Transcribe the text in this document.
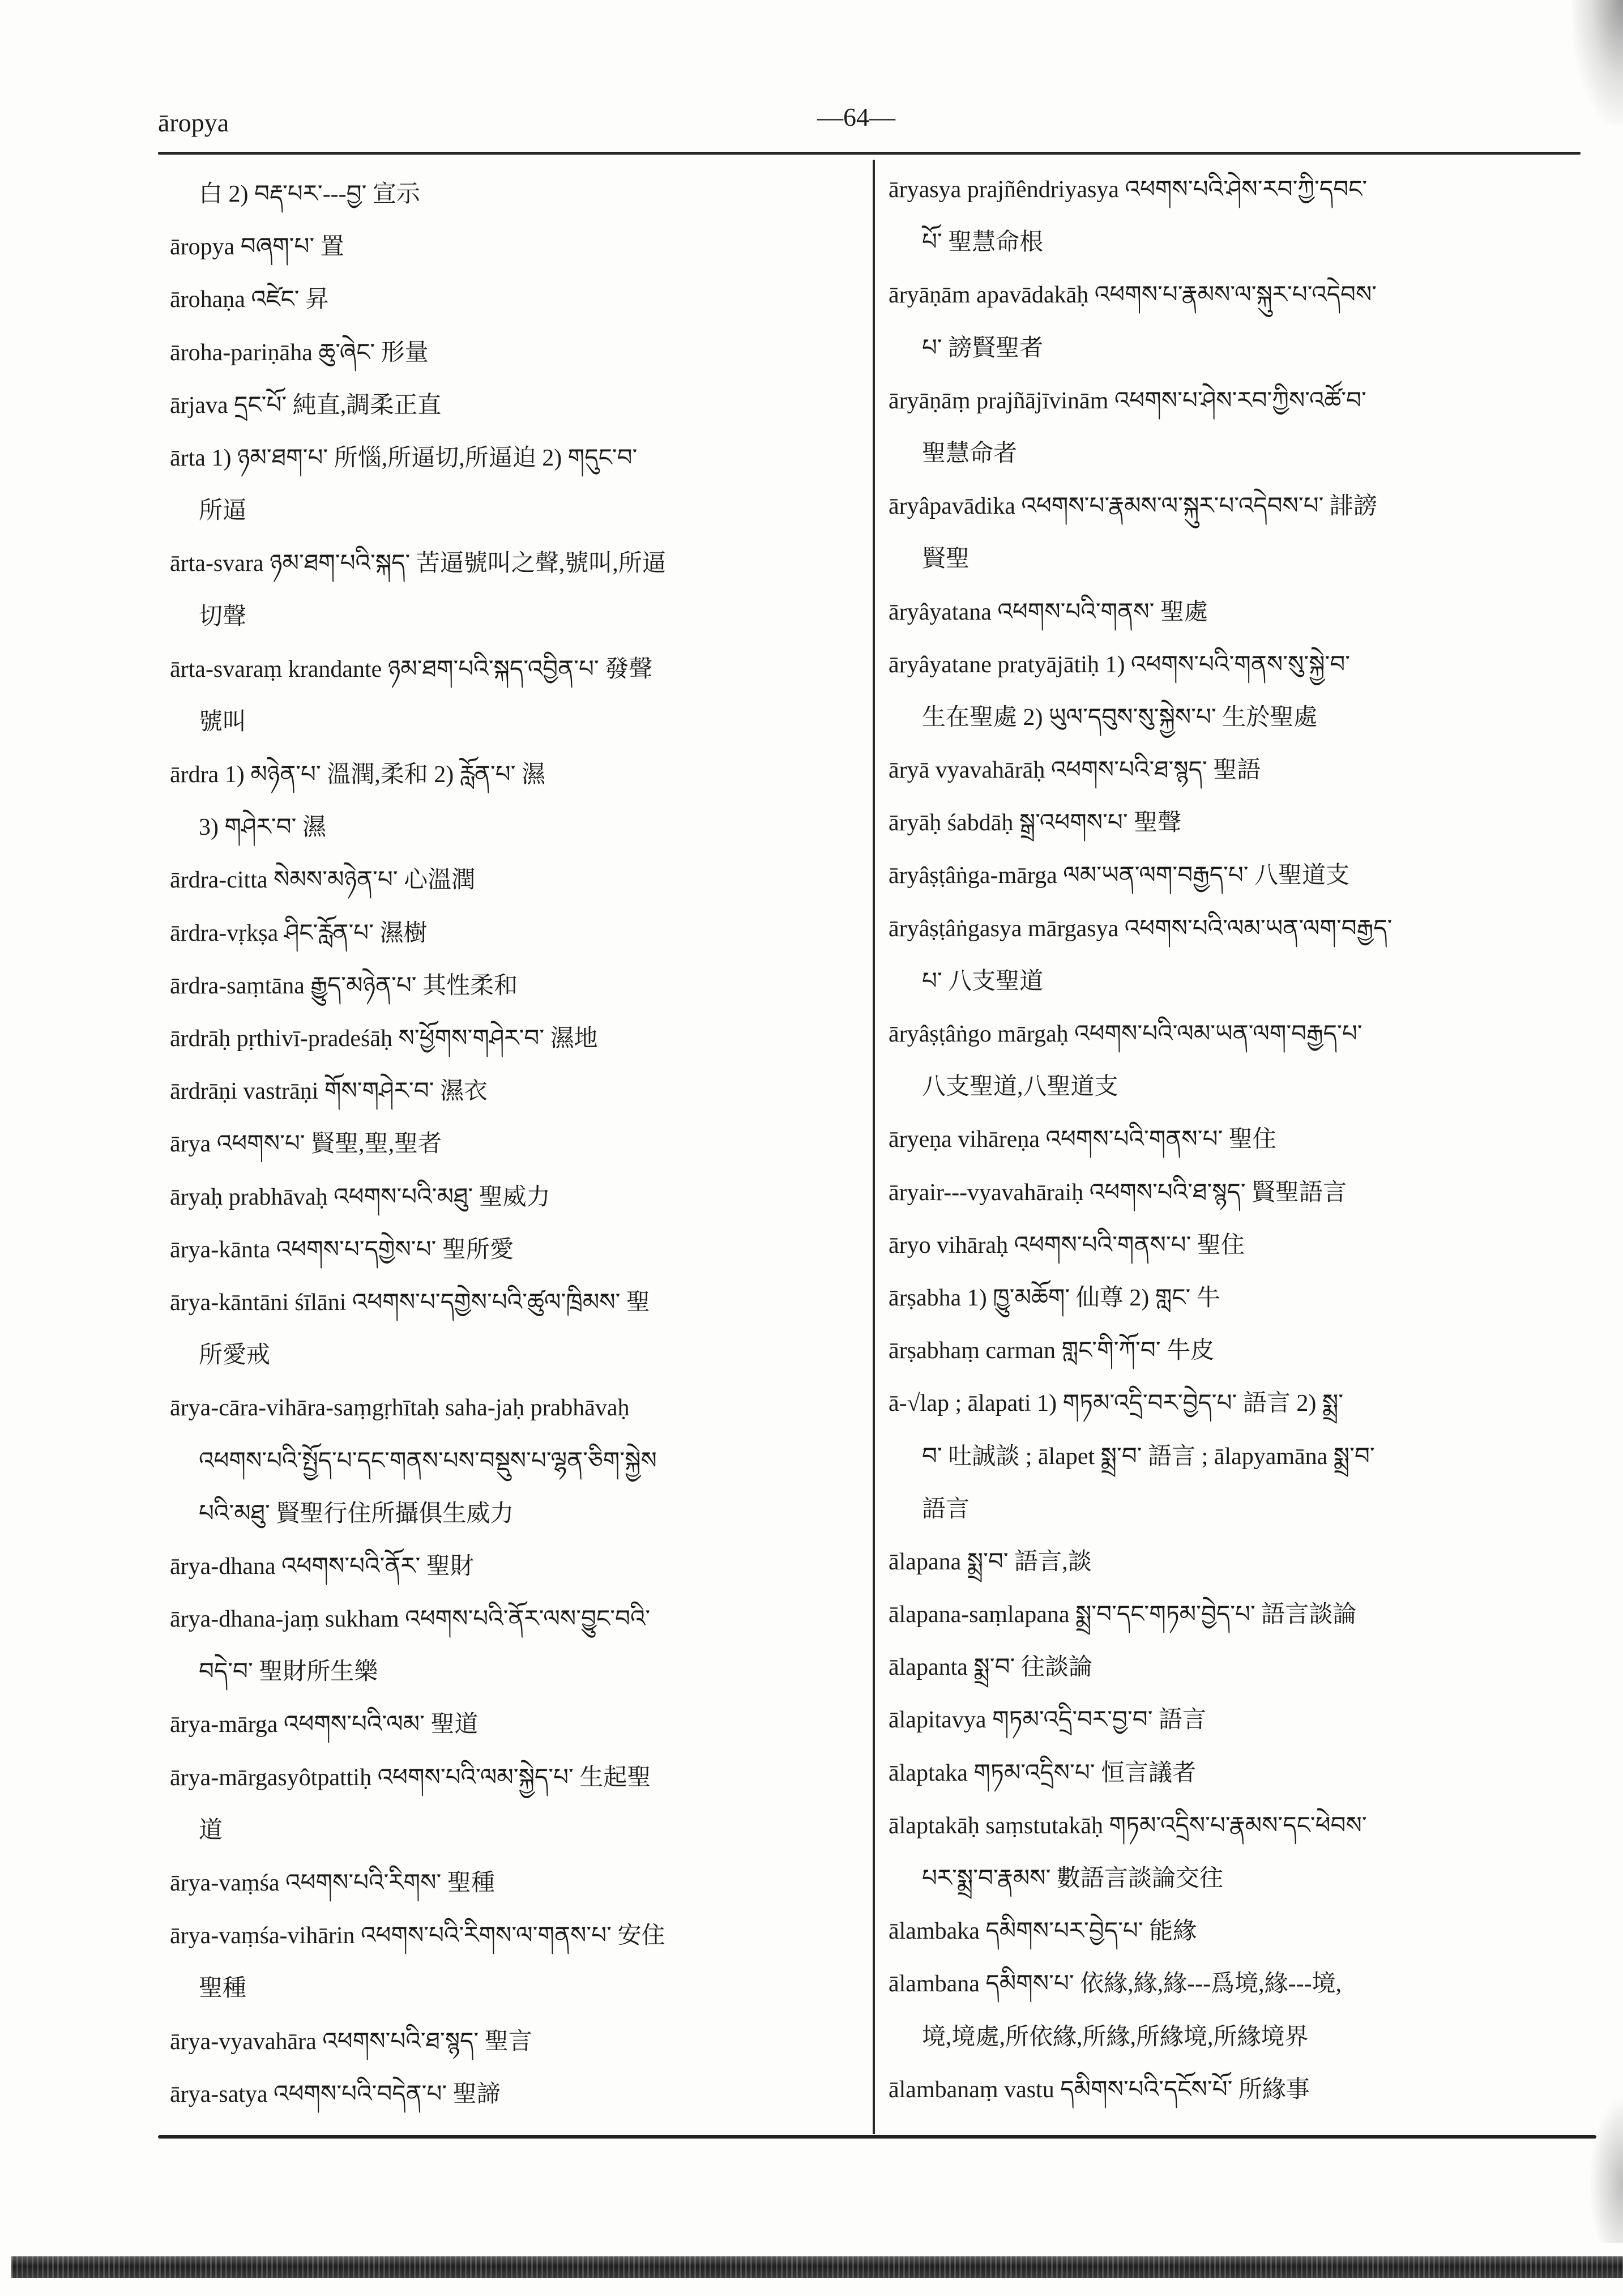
āropya	—64—
白 2) བརྡ་པར་---བྱ་ 宣示
āropya བཞག་པ་ 置
ārohaṇa འཛེང་ 昇
āroha-pariṇāha ཆུ་ཞེང་ 形量
ārjava དྲང་པོ་ 純直,調柔正直
ārta 1) ཉམ་ཐག་པ་ 所惱,所逼切,所逼迫 2) གདུང་བ་
所逼
ārta-svara ཉམ་ཐག་པའི་སྐད་ 苦逼號叫之聲,號叫,所逼
切聲
ārta-svaraṃ krandante ཉམ་ཐག་པའི་སྐད་འབྱིན་པ་ 發聲
號叫
ārdra 1) མཉེན་པ་ 溫潤,柔和 2) རློན་པ་ 濕
3) གཤེར་བ་ 濕
ārdra-citta སེམས་མཉེན་པ་ 心溫潤
ārdra-vṛkṣa ཤིང་རློན་པ་ 濕樹
ārdra-saṃtāna རྒྱུད་མཉེན་པ་ 其性柔和
ārdrāḥ pṛthivī-pradeśāḥ ས་ཕྱོགས་གཤེར་བ་ 濕地
ārdrāṇi vastrāṇi གོས་གཤེར་བ་ 濕衣
ārya འཕགས་པ་ 賢聖,聖,聖者
āryaḥ prabhāvaḥ འཕགས་པའི་མཐུ་ 聖威力
ārya-kānta འཕགས་པ་དགྱེས་པ་ 聖所愛
ārya-kāntāni śīlāni འཕགས་པ་དགྱེས་པའི་ཚུལ་ཁྲིམས་ 聖
所愛戒
ārya-cāra-vihāra-saṃgṛhītaḥ saha-jaḥ prabhāvaḥ
འཕགས་པའི་སྤྱོད་པ་དང་གནས་པས་བསྡུས་པ་ལྷན་ཅིག་སྐྱེས
པའི་མཐུ་ 賢聖行住所攝俱生威力
ārya-dhana འཕགས་པའི་ནོར་ 聖財
ārya-dhana-jaṃ sukham འཕགས་པའི་ནོར་ལས་བྱུང་བའི་
བདེ་བ་ 聖財所生樂
ārya-mārga འཕགས་པའི་ལམ་ 聖道
ārya-mārgasyôtpattiḥ འཕགས་པའི་ལམ་སྐྱེད་པ་ 生起聖
道
ārya-vaṃśa འཕགས་པའི་རིགས་ 聖種
ārya-vaṃśa-vihārin འཕགས་པའི་རིགས་ལ་གནས་པ་ 安住
聖種
ārya-vyavahāra འཕགས་པའི་ཐ་སྙད་ 聖言
ārya-satya འཕགས་པའི་བདེན་པ་ 聖諦
āryasya prajñêndriyasya འཕགས་པའི་ཤེས་རབ་ཀྱི་དབང་
པོ་ 聖慧命根
āryāṇām apavādakāḥ འཕགས་པ་རྣམས་ལ་སྐུར་པ་འདེབས་
པ་ 謗賢聖者
āryāṇāṃ prajñājīvinām འཕགས་པ་ཤེས་རབ་ཀྱིས་འཚོ་བ་
聖慧命者
āryâpavādika འཕགས་པ་རྣམས་ལ་སྐུར་པ་འདེབས་པ་ 誹謗
賢聖
āryâyatana འཕགས་པའི་གནས་ 聖處
āryâyatane pratyājātiḥ 1) འཕགས་པའི་གནས་སུ་སྐྱེ་བ་
生在聖處 2) ཡུལ་དབུས་སུ་སྐྱེས་པ་ 生於聖處
āryā vyavahārāḥ འཕགས་པའི་ཐ་སྙད་ 聖語
āryāḥ śabdāḥ སྒྲ་འཕགས་པ་ 聖聲
āryâṣṭâṅga-mārga ལམ་ཡན་ལག་བརྒྱད་པ་ 八聖道支
āryâṣṭâṅgasya mārgasya འཕགས་པའི་ལམ་ཡན་ལག་བརྒྱད་
པ་ 八支聖道
āryâṣṭâṅgo mārgaḥ འཕགས་པའི་ལམ་ཡན་ལག་བརྒྱད་པ་
八支聖道,八聖道支
āryeṇa vihāreṇa འཕགས་པའི་གནས་པ་ 聖住
āryair---vyavahāraiḥ འཕགས་པའི་ཐ་སྙད་ 賢聖語言
āryo vihāraḥ འཕགས་པའི་གནས་པ་ 聖住
ārṣabha 1) ཁྱུ་མཆོག་ 仙尊 2) གླང་ 牛
ārṣabhaṃ carman གླང་གི་ཀོ་བ་ 牛皮
ā-√lap ; ālapati 1) གཏམ་འདྲི་བར་བྱེད་པ་ 語言 2) སྨྲ་
བ་ 吐誠談 ; ālapet སྨྲ་བ་ 語言 ; ālapyamāna སྨྲ་བ་
語言
ālapana སྨྲ་བ་ 語言,談
ālapana-saṃlapana སྨྲ་བ་དང་གཏམ་བྱེད་པ་ 語言談論
ālapanta སྨྲ་བ་ 往談論
ālapitavya གཏམ་འདྲི་བར་བྱ་བ་ 語言
ālaptaka གཏམ་འདྲིས་པ་ 恒言議者
ālaptakāḥ saṃstutakāḥ གཏམ་འདྲིས་པ་རྣམས་དང་ཕེབས་
པར་སྨྲ་བ་རྣམས་ 數語言談論交往
ālambaka དམིགས་པར་བྱེད་པ་ 能緣
ālambana དམིགས་པ་ 依緣,緣,緣---爲境,緣---境,
境,境處,所依緣,所緣,所緣境,所緣境界
ālambanaṃ vastu དམིགས་པའི་དངོས་པོ་ 所緣事
